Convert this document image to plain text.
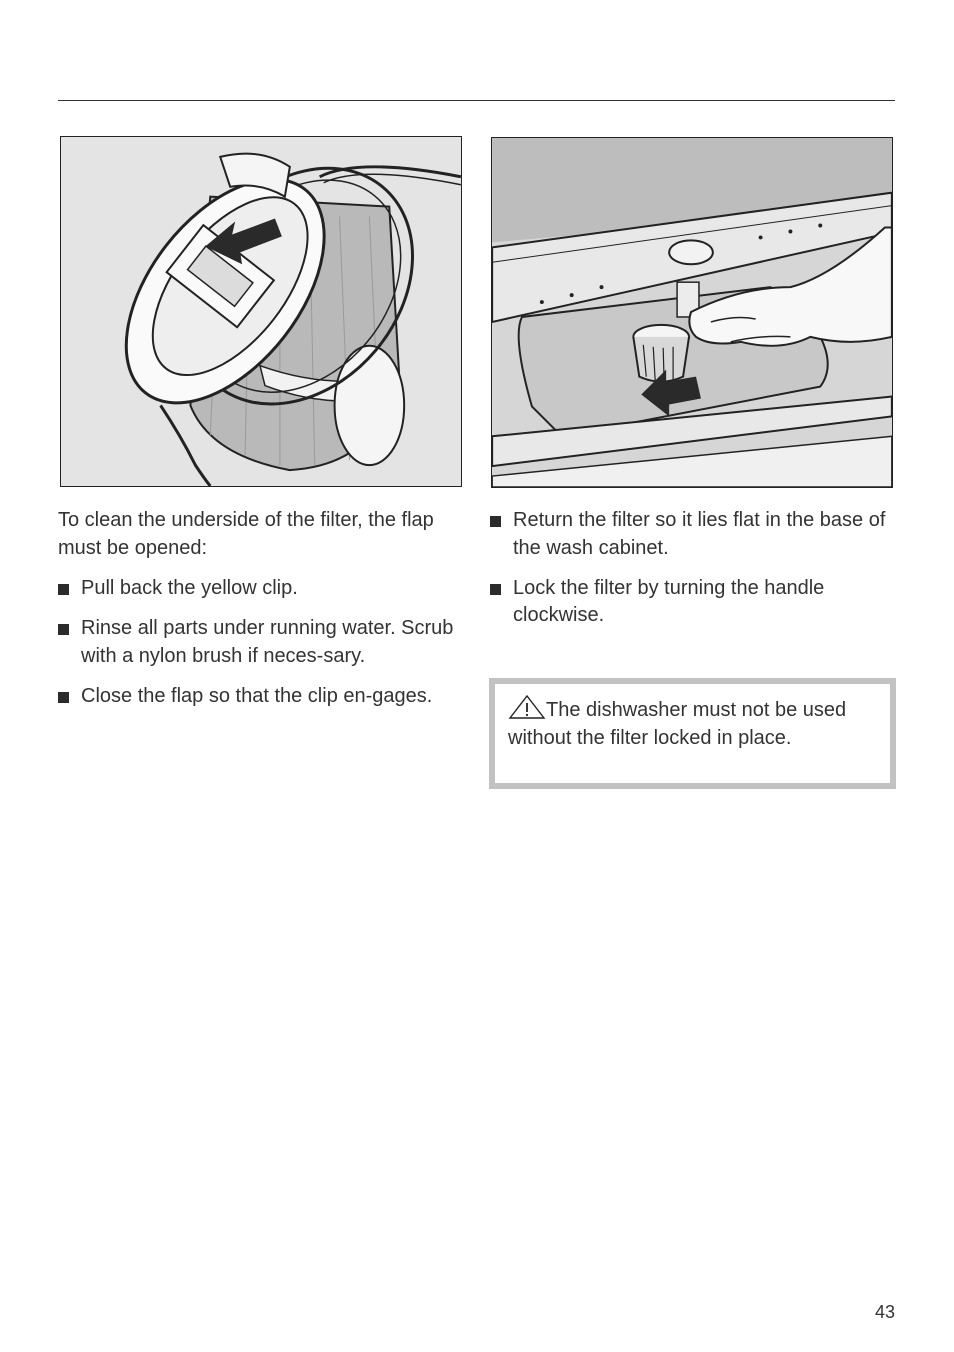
To clean the underside of the filter, the flap must be opened:

Pull back the yellow clip.
Rinse all parts under running water. Scrub with a nylon brush if neces-sary.
Close the flap so that the clip en-gages.
Return the filter so it lies flat in the base of the wash cabinet.
Lock the filter by turning the handle clockwise.
The dishwasher must not be used without the filter locked in place.
43
